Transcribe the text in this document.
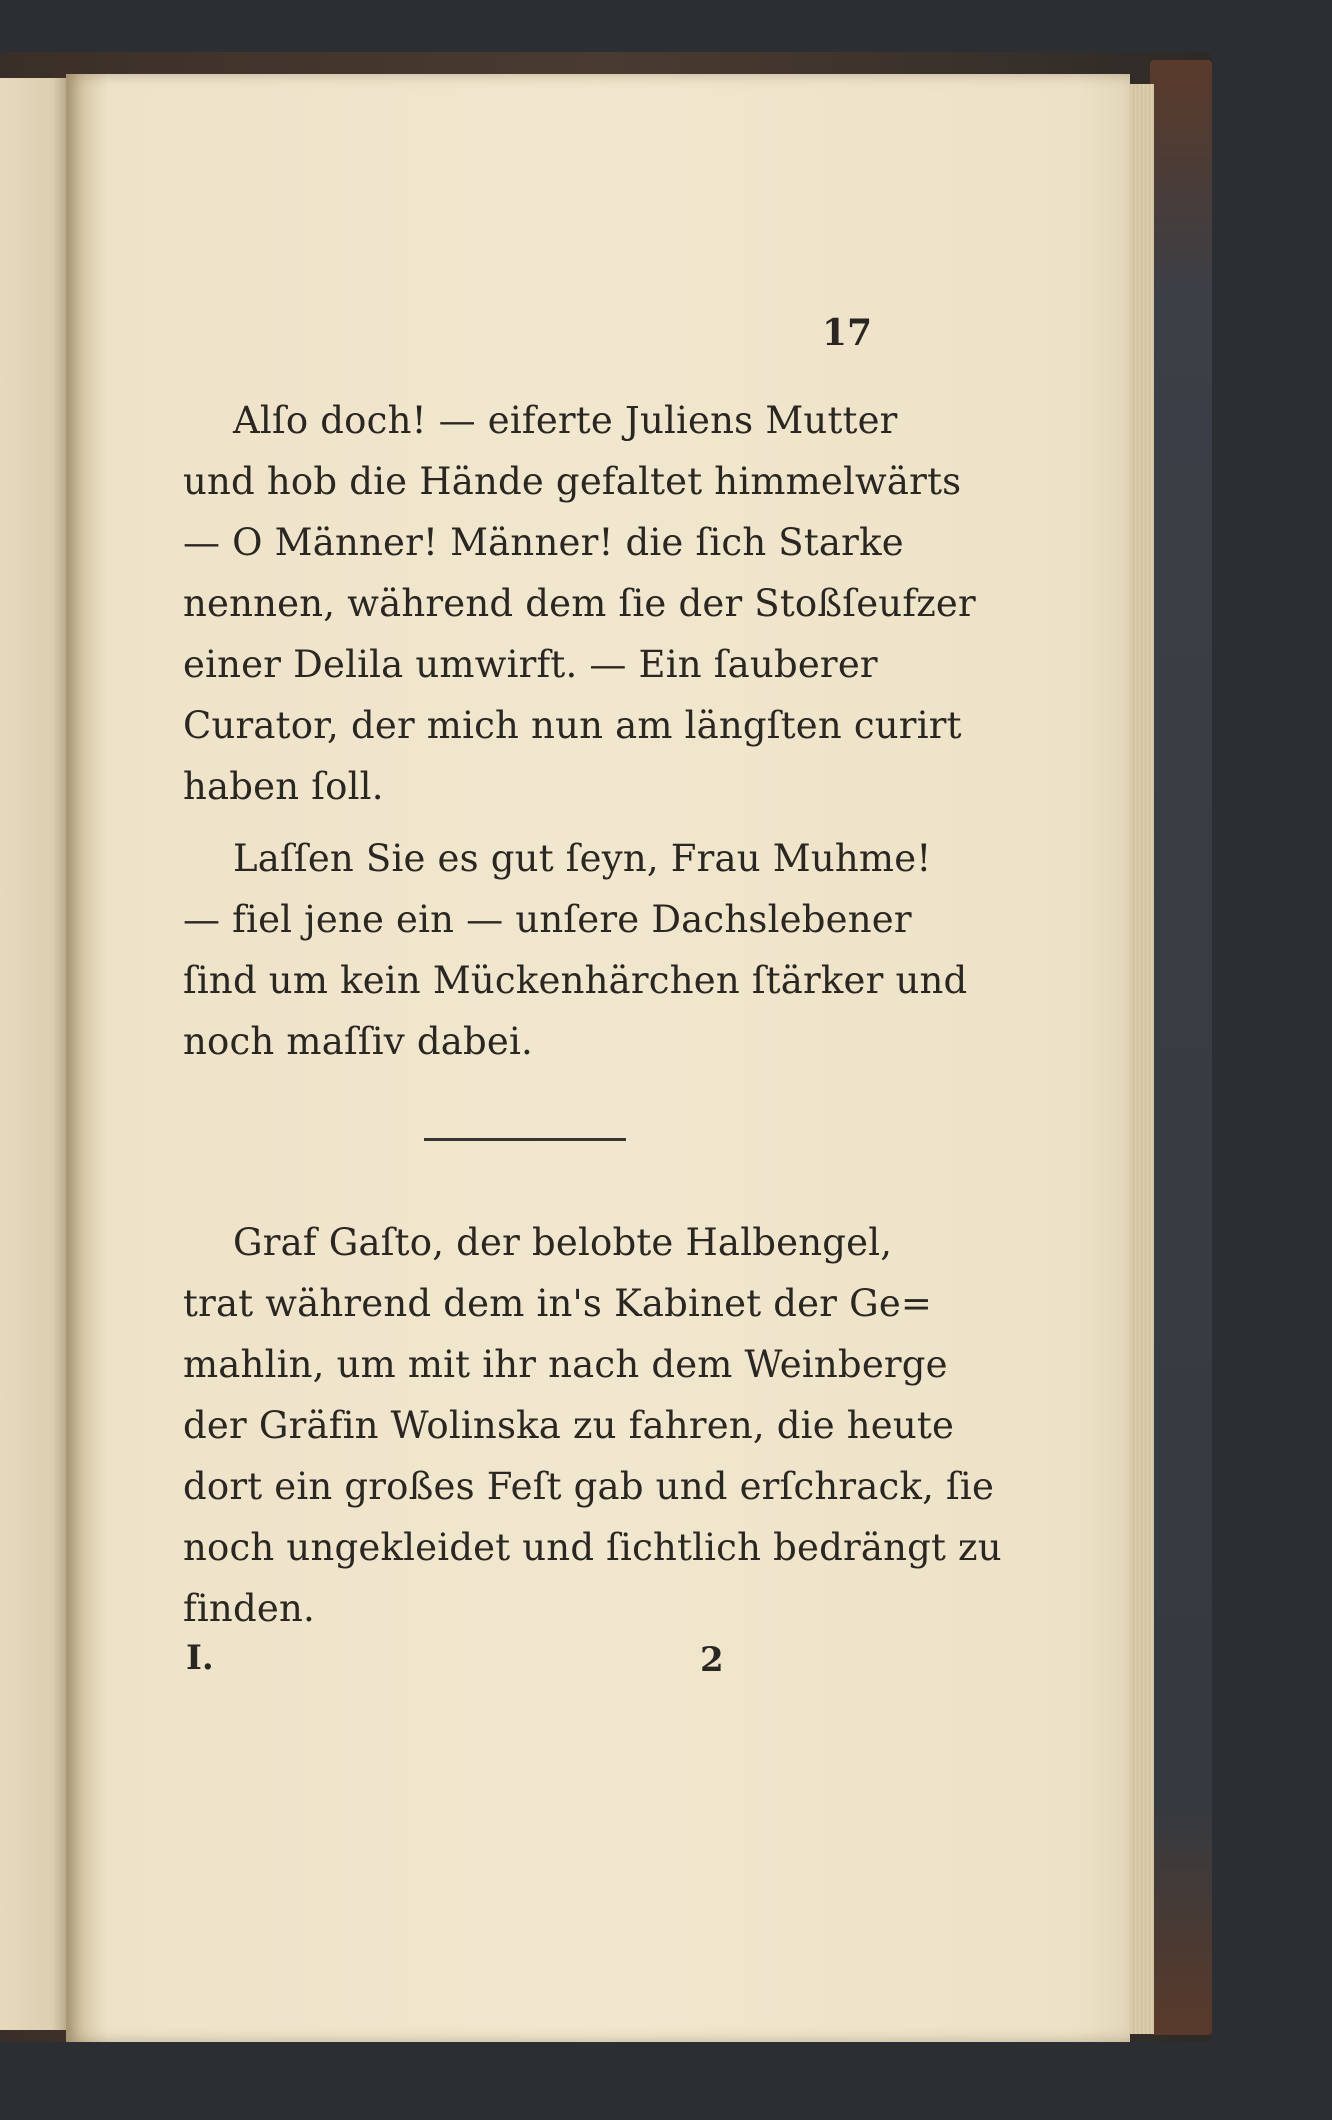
17
Alſo doch! — eiferte Juliens Mutter
und hob die Hände gefaltet himmelwärts
— O Männer! Männer! die ſich Starke
nennen, während dem ſie der Stoßſeufzer
einer Delila umwirft. — Ein ſauberer
Curator, der mich nun am längſten curirt
haben ſoll.
Laſſen Sie es gut ſeyn, Frau Muhme!
— fiel jene ein — unſere Dachslebener
ſind um kein Mückenhärchen ſtärker und
noch maſſiv dabei.
Graf Gaſto, der belobte Halbengel,
trat während dem in's Kabinet der Ge=
mahlin, um mit ihr nach dem Weinberge
der Gräfin Wolinska zu fahren, die heute
dort ein großes Feſt gab und erſchrack, ſie
noch ungekleidet und ſichtlich bedrängt zu
finden.
I.	2
